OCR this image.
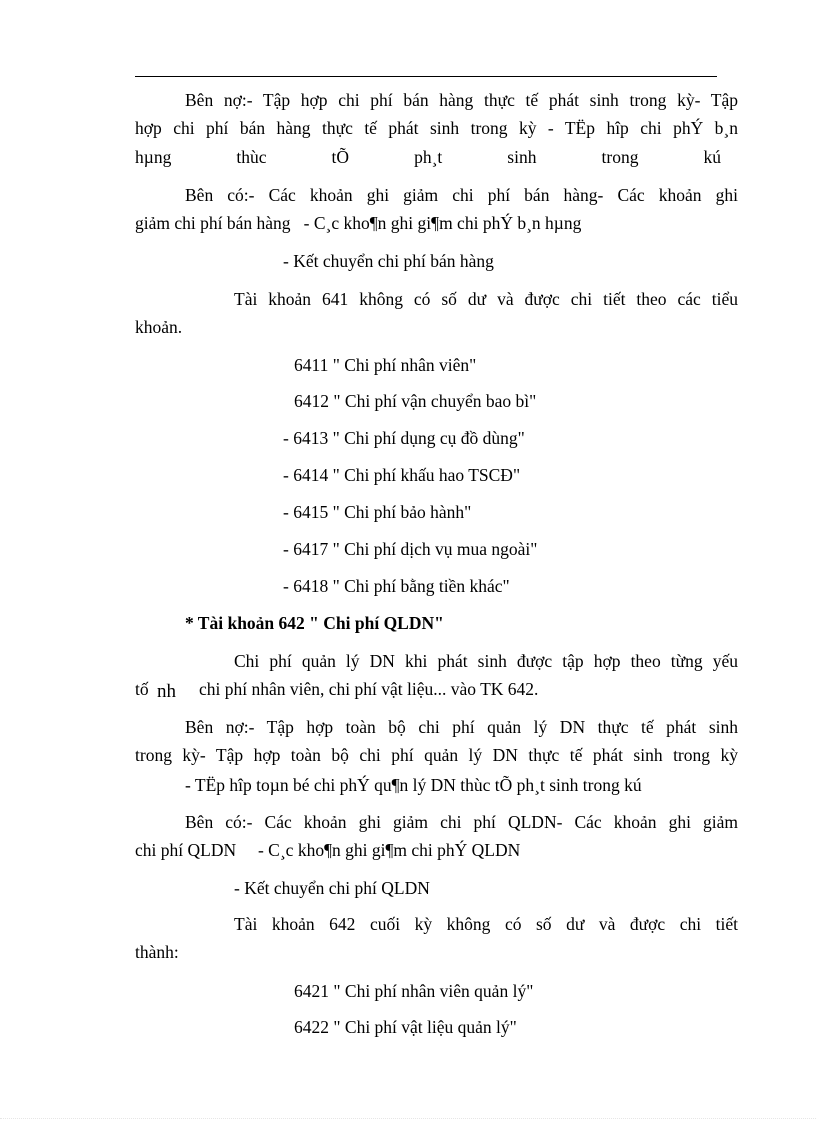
Bên nợ:- Tập hợp chi phí bán hàng thực tế phát sinh trong kỳ- Tập
hợp chi phí bán hàng thực tế phát sinh trong kỳ - TËp hîp chi phÝ b¸n
hµng thùc tÕ ph¸t sinh trong kú
Bên có:- Các khoản ghi giảm chi phí bán hàng- Các khoản ghi
giảm chi phí bán hàng   - C¸c kho¶n ghi gi¶m chi phÝ b¸n hµng
- Kết chuyển chi phí bán hàng
Tài khoản 641 không có số dư và được chi tiết theo các tiểu
khoản.
6411 " Chi phí nhân viên"
6412 " Chi phí vận chuyển bao bì"
- 6413 " Chi phí dụng cụ đồ dùng"
- 6414 " Chi phí khấu hao TSCĐ"
- 6415 " Chi phí bảo hành"
- 6417 " Chi phí dịch vụ mua ngoài"
- 6418 " Chi phí bằng tiền khác"
* Tài khoản 642 " Chi phí QLDN"
Chi phí quản lý DN khi phát sinh được tập hợp theo từng yếu
tố nh chi phí nhân viên, chi phí vật liệu... vào TK 642.
Bên nợ:- Tập hợp toàn bộ chi phí quản lý DN thực tế phát sinh
trong kỳ- Tập hợp toàn bộ chi phí quản lý DN thực tế phát sinh trong kỳ
- TËp hîp toµn bé chi phÝ qu¶n lý DN thùc tÕ ph¸t sinh trong kú
Bên có:- Các khoản ghi giảm chi phí QLDN- Các khoản ghi giảm
chi phí QLDN     - C¸c kho¶n ghi gi¶m chi phÝ QLDN
- Kết chuyển chi phí QLDN
Tài khoản 642 cuối kỳ không có số dư và được chi tiết
thành:
6421 " Chi phí nhân viên quản lý"
6422 " Chi phí vật liệu quản lý"
